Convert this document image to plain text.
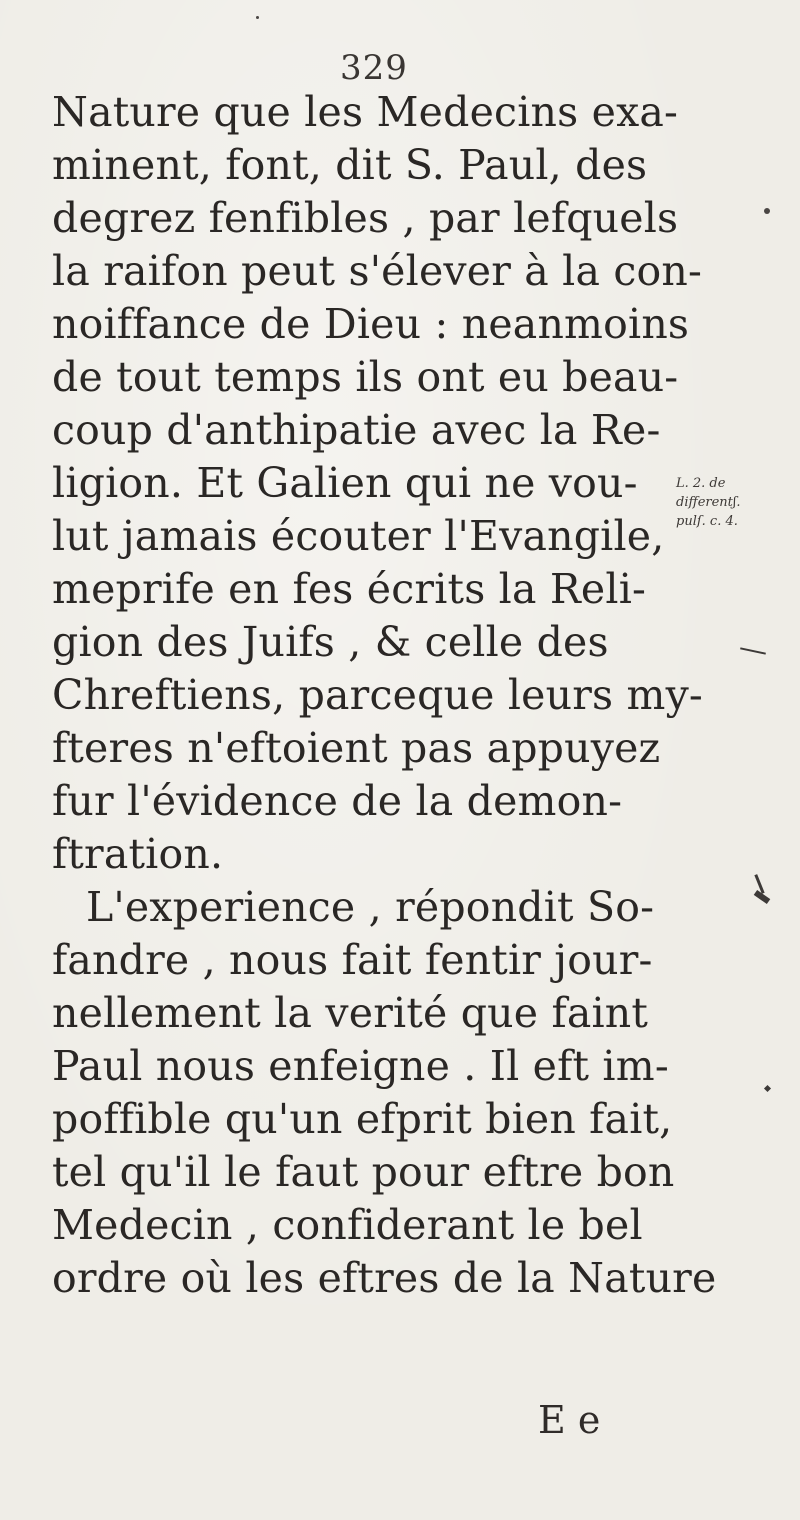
329
Nature que les Medecins exa-
minent, font, dit S. Paul, des
degrez fenfibles , par lefquels
la raifon peut s'élever à la con-
noiffance de Dieu : neanmoins
de tout temps ils ont eu beau-
coup d'anthipatie avec la Re-
ligion. Et Galien qui ne vou-
lut jamais écouter l'Evangile,
meprife en fes écrits la Reli-
gion des Juifs , & celle des
Chreftiens, parceque leurs my-
fteres n'eftoient pas appuyez
fur l'évidence de la demon-
ftration.
L'experience , répondit So-
fandre , nous fait fentir jour-
nellement la verité que faint
Paul nous enfeigne . Il eft im-
poffible qu'un efprit bien fait,
tel qu'il le faut pour eftre bon
Medecin , confiderant le bel
ordre où les eftres de la Nature
E e
L. 2. de
differentʃ.
pulſ. c. 4.
